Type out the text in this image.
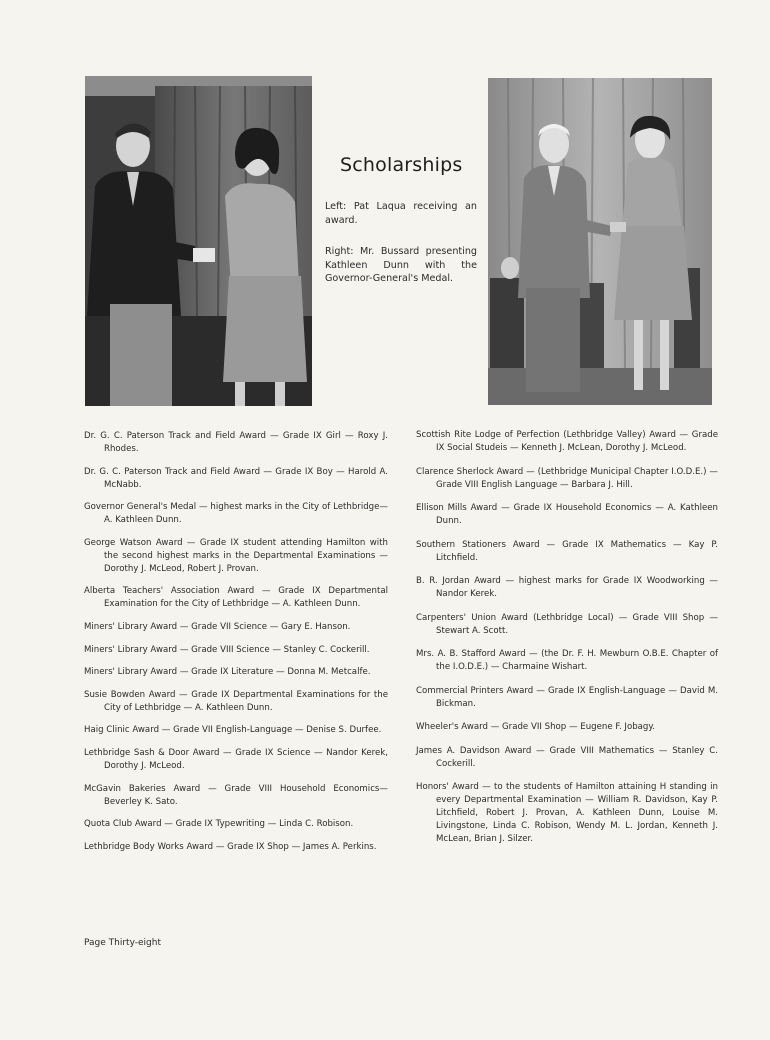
Scholarships

Left: Pat Laqua receiving an award.

Right: Mr. Bussard presenting Kathleen Dunn with the Governor-General's Medal.

Dr. G. C. Paterson Track and Field Award — Grade IX Girl — Roxy J. Rhodes.

Dr. G. C. Paterson Track and Field Award — Grade IX Boy — Harold A. McNabb.

Governor General's Medal — highest marks in the City of Lethbridge— A. Kathleen Dunn.

George Watson Award — Grade IX student attending Hamilton with the second highest marks in the Departmental Examinations — Dorothy J. McLeod, Robert J. Provan.

Alberta Teachers' Association Award — Grade IX Departmental Examination for the City of Lethbridge — A. Kathleen Dunn.

Miners' Library Award — Grade VII Science — Gary E. Hanson.

Miners' Library Award — Grade VIII Science — Stanley C. Cockerill.

Miners' Library Award — Grade IX Literature — Donna M. Metcalfe.

Susie Bowden Award — Grade IX Departmental Examinations for the City of Lethbridge — A. Kathleen Dunn.

Haig Clinic Award — Grade VII English-Language — Denise S. Durfee.

Lethbridge Sash & Door Award — Grade IX Science — Nandor Kerek, Dorothy J. McLeod.

McGavin Bakeries Award — Grade VIII Household Economics— Beverley K. Sato.

Quota Club Award — Grade IX Typewriting — Linda C. Robison.

Lethbridge Body Works Award — Grade IX Shop — James A. Perkins.

Scottish Rite Lodge of Perfection (Lethbridge Valley) Award — Grade IX Social Studeis — Kenneth J. McLean, Dorothy J. McLeod.

Clarence Sherlock Award — (Lethbridge Municipal Chapter I.O.D.E.) — Grade VIII English Language — Barbara J. Hill.

Ellison Mills Award — Grade IX Household Economics — A. Kathleen Dunn.

Southern Stationers Award — Grade IX Mathematics — Kay P. Litchfield.

B. R. Jordan Award — highest marks for Grade IX Woodworking — Nandor Kerek.

Carpenters' Union Award (Lethbridge Local) — Grade VIII Shop — Stewart A. Scott.

Mrs. A. B. Stafford Award — (the Dr. F. H. Mewburn O.B.E. Chapter of the I.O.D.E.) — Charmaine Wishart.

Commercial Printers Award — Grade IX English-Language — David M. Bickman.

Wheeler's Award — Grade VII Shop — Eugene F. Jobagy.

James A. Davidson Award — Grade VIII Mathematics — Stanley C. Cockerill.

Honors' Award — to the students of Hamilton attaining H standing in every Departmental Examination — William R. Davidson, Kay P. Litchfield, Robert J. Provan, A. Kathleen Dunn, Louise M. Livingstone, Linda C. Robison, Wendy M. L. Jordan, Kenneth J. McLean, Brian J. Silzer.

Page Thirty-eight
